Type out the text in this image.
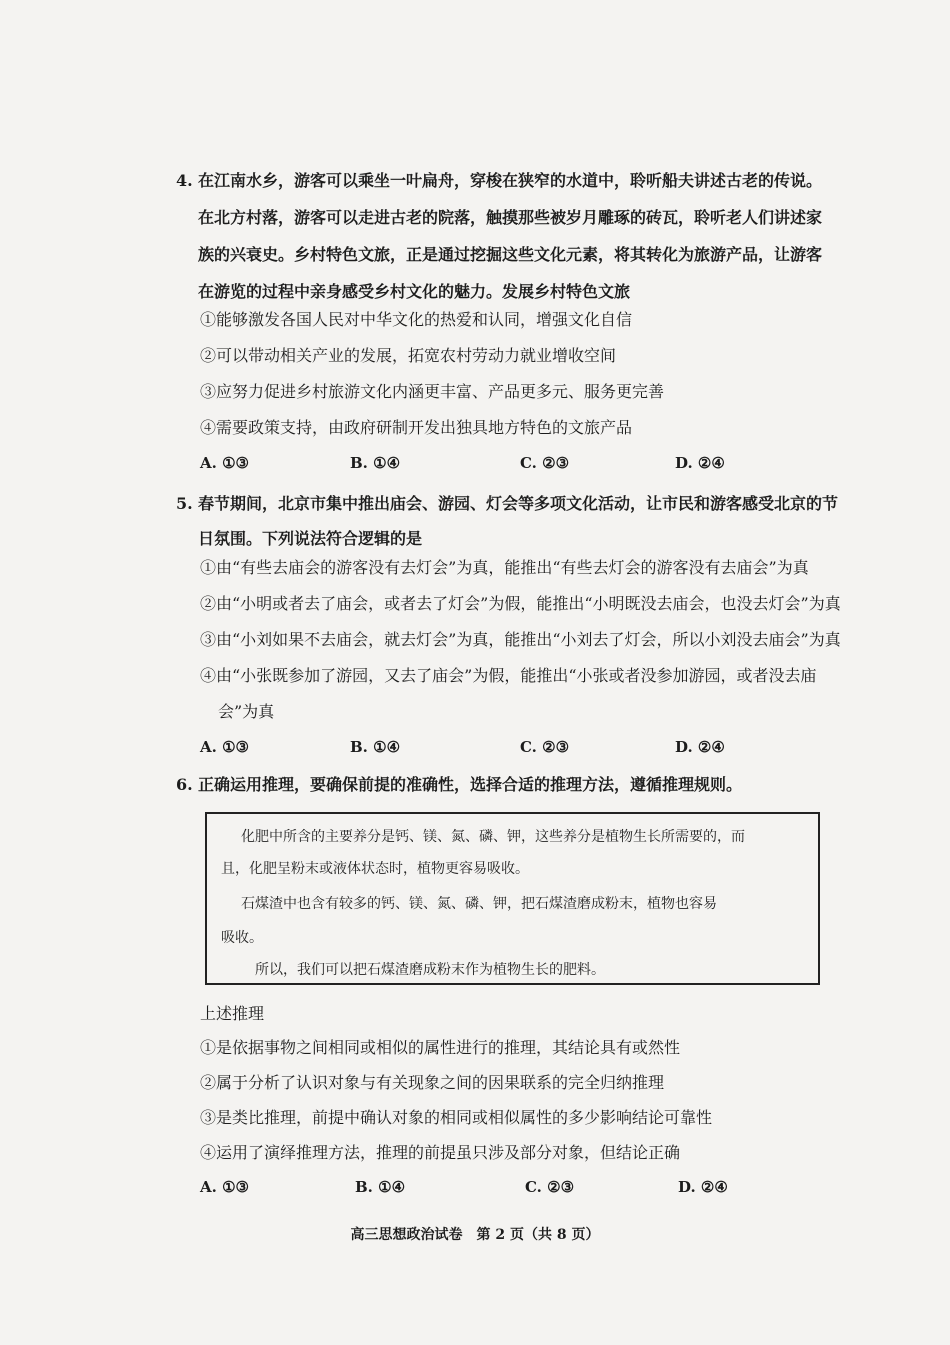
4. 在江南水乡，游客可以乘坐一叶扁舟，穿梭在狭窄的水道中，聆听船夫讲述古老的传说。
在北方村落，游客可以走进古老的院落，触摸那些被岁月雕琢的砖瓦，聆听老人们讲述家
族的兴衰史。乡村特色文旅，正是通过挖掘这些文化元素，将其转化为旅游产品，让游客
在游览的过程中亲身感受乡村文化的魅力。发展乡村特色文旅
①能够激发各国人民对中华文化的热爱和认同，增强文化自信
②可以带动相关产业的发展，拓宽农村劳动力就业增收空间
③应努力促进乡村旅游文化内涵更丰富、产品更多元、服务更完善
④需要政策支持，由政府研制开发出独具地方特色的文旅产品
A. ①③	B. ①④	C. ②③	D. ②④
5. 春节期间，北京市集中推出庙会、游园、灯会等多项文化活动，让市民和游客感受北京的节
日氛围。下列说法符合逻辑的是
①由“有些去庙会的游客没有去灯会”为真，能推出“有些去灯会的游客没有去庙会”为真
②由“小明或者去了庙会，或者去了灯会”为假，能推出“小明既没去庙会，也没去灯会”为真
③由“小刘如果不去庙会，就去灯会”为真，能推出“小刘去了灯会，所以小刘没去庙会”为真
④由“小张既参加了游园，又去了庙会”为假，能推出“小张或者没参加游园，或者没去庙
会”为真
A. ①③	B. ①④	C. ②③	D. ②④
6. 正确运用推理，要确保前提的准确性，选择合适的推理方法，遵循推理规则。
化肥中所含的主要养分是钙、镁、氮、磷、钾，这些养分是植物生长所需要的，而
且，化肥呈粉末或液体状态时，植物更容易吸收。
石煤渣中也含有较多的钙、镁、氮、磷、钾，把石煤渣磨成粉末，植物也容易
吸收。
所以，我们可以把石煤渣磨成粉末作为植物生长的肥料。
上述推理
①是依据事物之间相同或相似的属性进行的推理，其结论具有或然性
②属于分析了认识对象与有关现象之间的因果联系的完全归纳推理
③是类比推理，前提中确认对象的相同或相似属性的多少影响结论可靠性
④运用了演绎推理方法，推理的前提虽只涉及部分对象，但结论正确
A. ①③	B. ①④	C. ②③	D. ②④
高三思想政治试卷　第 2 页（共 8 页）
